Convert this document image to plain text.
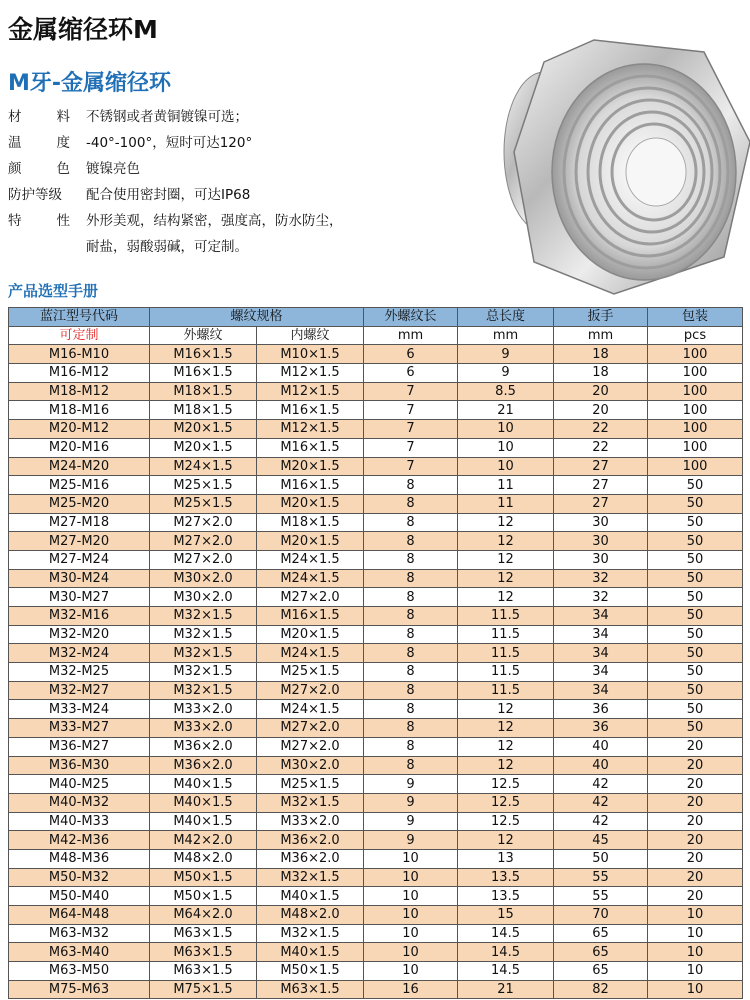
金属缩径环M
M牙-金属缩径环
材	料 不锈钢或者黄铜镀镍可选；
温	度 -40°-100°，短时可达120°
颜	色 镀镍亮色
防护等级 配合使用密封圈，可达IP68
特	性 外形美观，结构紧密，强度高，防水防尘，
耐盐，弱酸弱碱，可定制。
产品选型手册
蓝江型号代码	螺纹规格		外螺纹长	总长度	扳手	包装
可定制	外螺纹	内螺纹	mm	mm	mm	pcs
M16-M10	M16×1.5	M10×1.5	6	9	18	100
M16-M12	M16×1.5	M12×1.5	6	9	18	100
M18-M12	M18×1.5	M12×1.5	7	8.5	20	100
M18-M16	M18×1.5	M16×1.5	7	21	20	100
M20-M12	M20×1.5	M12×1.5	7	10	22	100
M20-M16	M20×1.5	M16×1.5	7	10	22	100
M24-M20	M24×1.5	M20×1.5	7	10	27	100
M25-M16	M25×1.5	M16×1.5	8	11	27	50
M25-M20	M25×1.5	M20×1.5	8	11	27	50
M27-M18	M27×2.0	M18×1.5	8	12	30	50
M27-M20	M27×2.0	M20×1.5	8	12	30	50
M27-M24	M27×2.0	M24×1.5	8	12	30	50
M30-M24	M30×2.0	M24×1.5	8	12	32	50
M30-M27	M30×2.0	M27×2.0	8	12	32	50
M32-M16	M32×1.5	M16×1.5	8	11.5	34	50
M32-M20	M32×1.5	M20×1.5	8	11.5	34	50
M32-M24	M32×1.5	M24×1.5	8	11.5	34	50
M32-M25	M32×1.5	M25×1.5	8	11.5	34	50
M32-M27	M32×1.5	M27×2.0	8	11.5	34	50
M33-M24	M33×2.0	M24×1.5	8	12	36	50
M33-M27	M33×2.0	M27×2.0	8	12	36	50
M36-M27	M36×2.0	M27×2.0	8	12	40	20
M36-M30	M36×2.0	M30×2.0	8	12	40	20
M40-M25	M40×1.5	M25×1.5	9	12.5	42	20
M40-M32	M40×1.5	M32×1.5	9	12.5	42	20
M40-M33	M40×1.5	M33×2.0	9	12.5	42	20
M42-M36	M42×2.0	M36×2.0	9	12	45	20
M48-M36	M48×2.0	M36×2.0	10	13	50	20
M50-M32	M50×1.5	M32×1.5	10	13.5	55	20
M50-M40	M50×1.5	M40×1.5	10	13.5	55	20
M64-M48	M64×2.0	M48×2.0	10	15	70	10
M63-M32	M63×1.5	M32×1.5	10	14.5	65	10
M63-M40	M63×1.5	M40×1.5	10	14.5	65	10
M63-M50	M63×1.5	M50×1.5	10	14.5	65	10
M75-M63	M75×1.5	M63×1.5	16	21	82	10
